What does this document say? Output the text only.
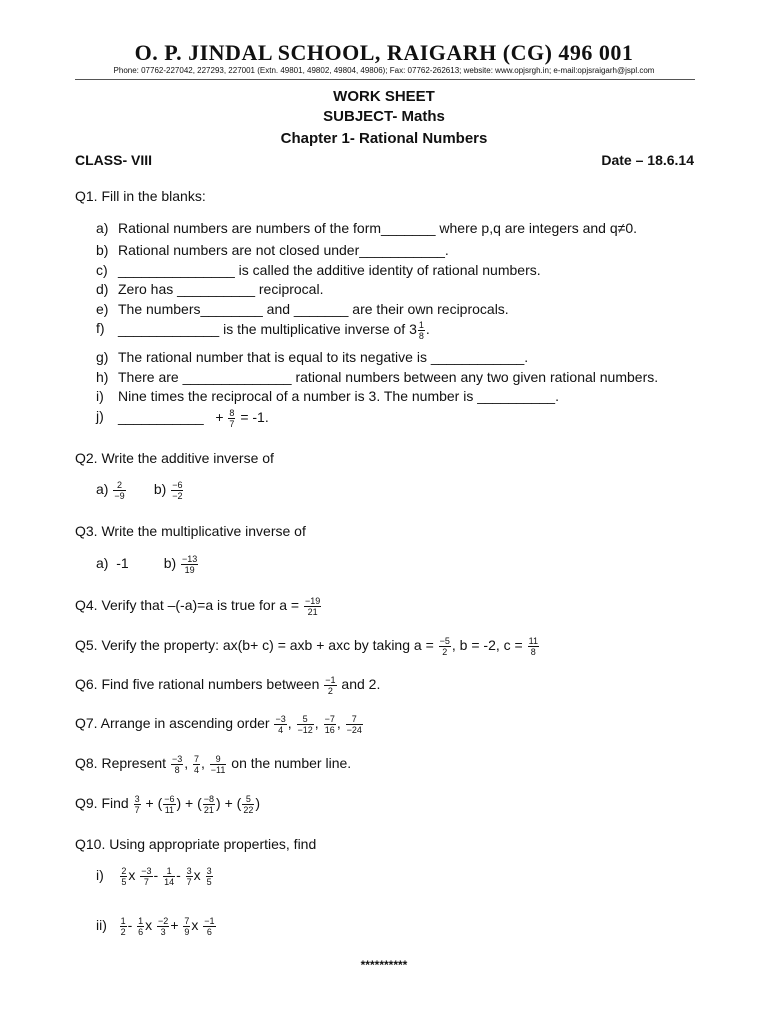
O. P. JINDAL SCHOOL, RAIGARH (CG) 496 001
Phone: 07762-227042, 227293, 227001 (Extn. 49801, 49802, 49804, 49806); Fax: 07762-262613; website: www.opjsrgh.in; e-mail:opjsraigarh@jspl.com
WORK SHEET
SUBJECT- Maths
Chapter 1- Rational Numbers
CLASS- VIII	Date – 18.6.14
Q1. Fill in the blanks:
a) Rational numbers are numbers of the form_______ where p,q are integers and q≠0.
b) Rational numbers are not closed under___________.
c) _______________ is called the additive identity of rational numbers.
d) Zero has __________ reciprocal.
e) The numbers________ and _______ are their own reciprocals.
f) _____________ is the multiplicative inverse of $3 \frac{1}{8}$ .
g) The rational number that is equal to its negative is ____________.
h) There are ______________ rational numbers between any two given rational numbers.
i) Nine times the reciprocal of a number is 3. The number is __________.
j) ___________ + $\frac{8}{7} = -1$.
Q2. Write the additive inverse of
$a) \frac{2}{-9} b) \frac{-6}{-2}$
Q3. Write the multiplicative inverse of
a) -1	$b) \frac{-13}{19}$
Q4. Verify that –(-a)=a is true for $a = \frac{-19}{21}$
Q5. Verify the property: ax(b+ c) = axb + axc by taking $a = \frac{-5}{2}$ , b = -2, $c = \frac{11}{8}$
Q6. Find five rational numbers between $\frac{-1}{2}$ and 2.
Q7. Arrange in ascending order $\frac{-3}{4}$ , $\frac{5}{-12}$ , $\frac{-7}{16}$ , $\frac{7}{-24}$
Q8. Represent $\frac{-3}{8}$ , $\frac{7}{4}$ , $\frac{9}{-11}$ on the number line.
Q9. Find $\frac{3}{7}$ + ( $\frac{-6}{11}$ ) + ( $\frac{-8}{21}$ ) + ( $\frac{5}{22}$ )
Q10. Using appropriate properties, find
$i) \frac{2}{5}$ x $\frac{-3}{7} - \frac{1}{14} - \frac{3}{7}$ x $\frac{3}{5}$
$ii) \frac{1}{2} - \frac{1}{6}$ x $\frac{-2}{3} + \frac{7}{9}$ x $\frac{-1}{6}$
**********
